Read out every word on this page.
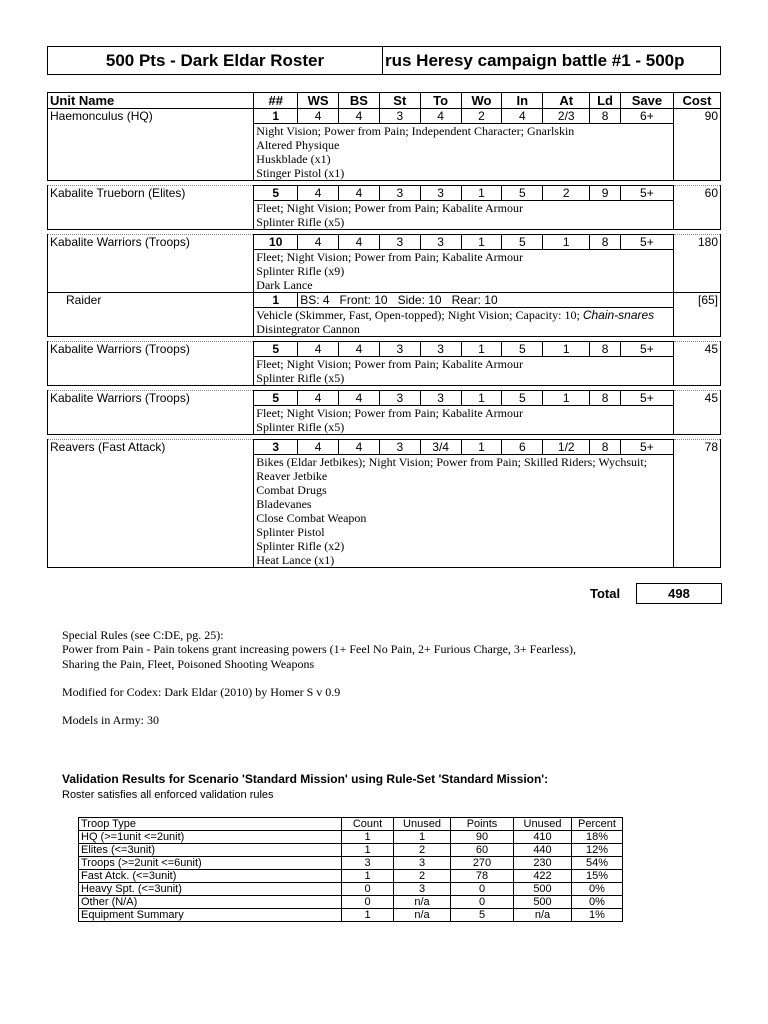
500 Pts - Dark Eldar Roster	rus Heresy campaign battle #1 - 500p
Unit Name	##	WS	BS	St	To	Wo	In	At	Ld	Save	Cost
Haemonculus (HQ)	1	4	4	3	4	2	4	2/3	8	6+	90
	Night Vision; Power from Pain; Independent Character; Gnarlskin										
	Altered Physique										
	Huskblade (x1)										
	Stinger Pistol (x1)										

Kabalite Trueborn (Elites)	5	4	4	3	3	1	5	2	9	5+	60
	Fleet; Night Vision; Power from Pain; Kabalite Armour										
	Splinter Rifle (x5)										

Kabalite Warriors (Troops)	10	4	4	3	3	1	5	1	8	5+	180
	Fleet; Night Vision; Power from Pain; Kabalite Armour										
	Splinter Rifle (x9)										
	Dark Lance										
Raider	1	BS: 4   Front: 10   Side: 10   Rear: 10									[65]
	Vehicle (Skimmer, Fast, Open-topped); Night Vision; Capacity: 10; Chain-snares										
	Disintegrator Cannon										

Kabalite Warriors (Troops)	5	4	4	3	3	1	5	1	8	5+	45
	Fleet; Night Vision; Power from Pain; Kabalite Armour										
	Splinter Rifle (x5)										

Kabalite Warriors (Troops)	5	4	4	3	3	1	5	1	8	5+	45
	Fleet; Night Vision; Power from Pain; Kabalite Armour										
	Splinter Rifle (x5)										

Reavers (Fast Attack)	3	4	4	3	3/4	1	6	1/2	8	5+	78
	Bikes (Eldar Jetbikes); Night Vision; Power from Pain; Skilled Riders; Wychsuit;										
	Reaver Jetbike										
	Combat Drugs										
	Bladevanes										
	Close Combat Weapon										
	Splinter Pistol										
	Splinter Rifle (x2)										
	Heat Lance (x1)										

Total	498
Special Rules (see C:DE, pg. 25):
Power from Pain - Pain tokens grant increasing powers (1+ Feel No Pain, 2+ Furious Charge, 3+ Fearless),
Sharing the Pain, Fleet, Poisoned Shooting Weapons
Modified for Codex: Dark Eldar (2010) by Homer S v 0.9
Models in Army: 30
Validation Results for Scenario 'Standard Mission' using Rule-Set 'Standard Mission':
Roster satisfies all enforced validation rules
Troop Type	Count	Unused	Points	Unused	Percent
HQ (>=1unit <=2unit)	1	1	90	410	18%
Elites (<=3unit)	1	2	60	440	12%
Troops (>=2unit <=6unit)	3	3	270	230	54%
Fast Atck. (<=3unit)	1	2	78	422	15%
Heavy Spt. (<=3unit)	0	3	0	500	0%
Other (N/A)	0	n/a	0	500	0%
Equipment Summary	1	n/a	5	n/a	1%
